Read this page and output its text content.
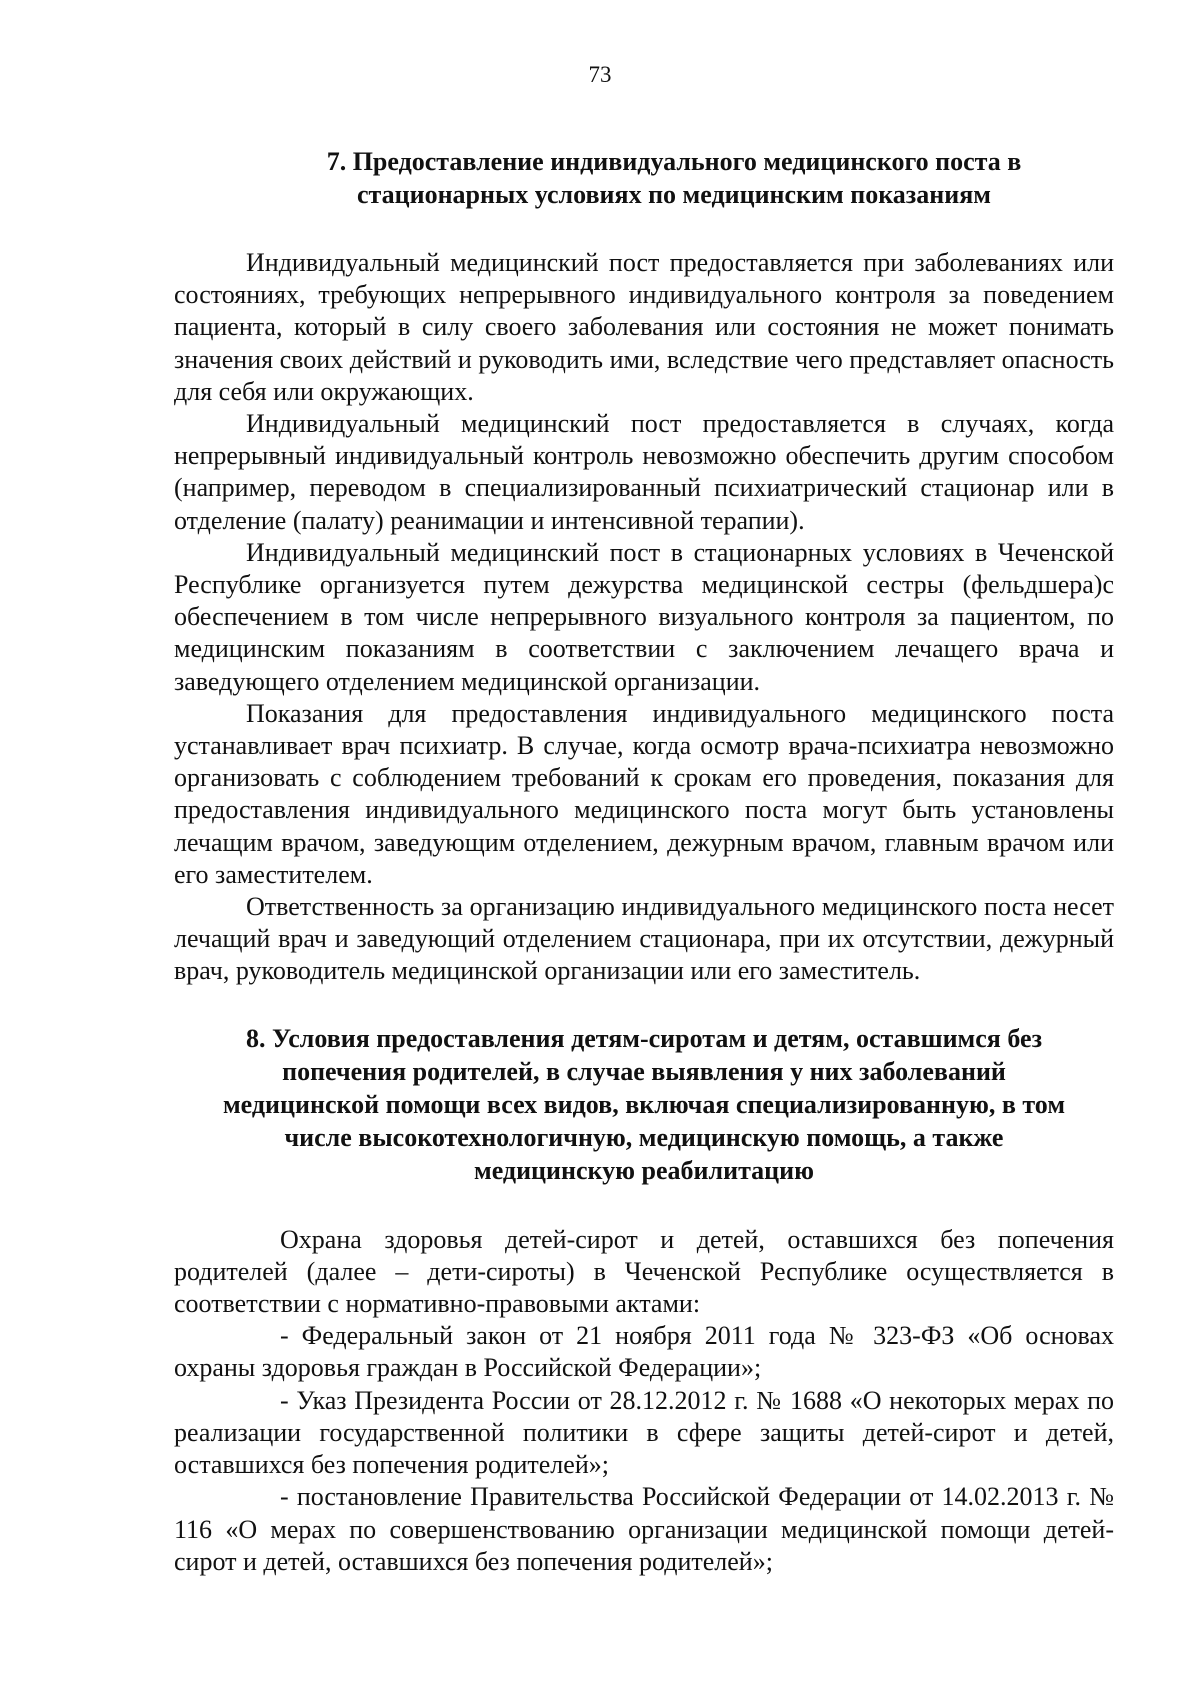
73
7. Предоставление индивидуального медицинского поста в
стационарных условиях по медицинским показаниям

Индивидуальный медицинский пост предоставляется при заболеваниях или состояниях, требующих непрерывного индивидуального контроля за поведением пациента, который в силу своего заболевания или состояния не может понимать значения своих действий и руководить ими, вследствие чего представляет опасность для себя или окружающих.

Индивидуальный медицинский пост предоставляется в случаях, когда непрерывный индивидуальный контроль невозможно обеспечить другим способом (например, переводом в специализированный психиатрический стационар или в отделение (палату) реанимации и интенсивной терапии).

Индивидуальный медицинский пост в стационарных условиях в Чеченской Республике организуется путем дежурства медицинской сестры (фельдшера)с обеспечением в том числе непрерывного визуального контроля за пациентом, по медицинским показаниям в соответствии с заключением лечащего врача и заведующего отделением медицинской организации.

Показания для предоставления индивидуального медицинского поста устанавливает врач психиатр. В случае, когда осмотр врача-психиатра невозможно организовать с соблюдением требований к срокам его проведения, показания для предоставления индивидуального медицинского поста могут быть установлены лечащим врачом, заведующим отделением, дежурным врачом, главным врачом или его заместителем.

Ответственность за организацию индивидуального медицинского поста несет лечащий врач и заведующий отделением стационара, при их отсутствии, дежурный врач, руководитель медицинской организации или его заместитель.

8. Условия предоставления детям-сиротам и детям, оставшимся без
попечения родителей, в случае выявления у них заболеваний
медицинской помощи всех видов, включая специализированную, в том
числе высокотехнологичную, медицинскую помощь, а также
медицинскую реабилитацию

Охрана здоровья детей-сирот и детей, оставшихся без попечения родителей (далее – дети-сироты) в Чеченской Республике осуществляется в соответствии с нормативно-правовыми актами:

- Федеральный закон от 21 ноября 2011 года № 323-ФЗ «Об основах охраны здоровья граждан в Российской Федерации»;

- Указ Президента России от 28.12.2012 г. № 1688 «О некоторых мерах по реализации государственной политики в сфере защиты детей-сирот и детей, оставшихся без попечения родителей»;

- постановление Правительства Российской Федерации от 14.02.2013 г. № 116 «О мерах по совершенствованию организации медицинской помощи детей-сирот и детей, оставшихся без попечения родителей»;
